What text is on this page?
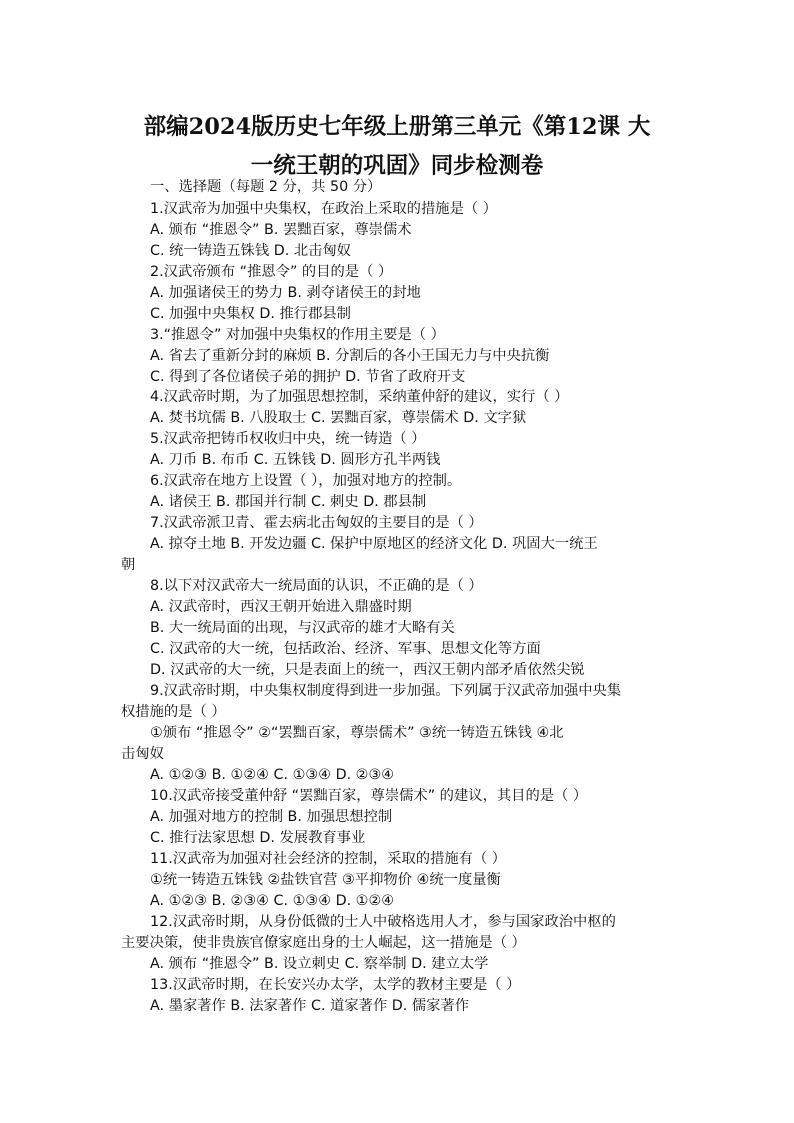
部编2024版历史七年级上册第三单元《第12课 大
一统王朝的巩固》同步检测卷
一、选择题（每题 2 分，共 50 分）
1.汉武帝为加强中央集权，在政治上采取的措施是（ ）
A. 颁布 “推恩令” B. 罢黜百家，尊崇儒术
C. 统一铸造五铢钱 D. 北击匈奴
2.汉武帝颁布 “推恩令” 的目的是（ ）
A. 加强诸侯王的势力 B. 剥夺诸侯王的封地
C. 加强中央集权 D. 推行郡县制
3.“推恩令” 对加强中央集权的作用主要是（ ）
A. 省去了重新分封的麻烦 B. 分割后的各小王国无力与中央抗衡
C. 得到了各位诸侯子弟的拥护 D. 节省了政府开支
4.汉武帝时期，为了加强思想控制，采纳董仲舒的建议，实行（ ）
A. 焚书坑儒 B. 八股取士 C. 罢黜百家，尊崇儒术 D. 文字狱
5.汉武帝把铸币权收归中央，统一铸造（ ）
A. 刀币 B. 布币 C. 五铢钱 D. 圆形方孔半两钱
6.汉武帝在地方上设置（ ），加强对地方的控制。
A. 诸侯王 B. 郡国并行制 C. 刺史 D. 郡县制
7.汉武帝派卫青、霍去病北击匈奴的主要目的是（ ）
A. 掠夺土地 B. 开发边疆 C. 保护中原地区的经济文化 D. 巩固大一统王
朝
8.以下对汉武帝大一统局面的认识，不正确的是（ ）
A. 汉武帝时，西汉王朝开始进入鼎盛时期
B. 大一统局面的出现，与汉武帝的雄才大略有关
C. 汉武帝的大一统，包括政治、经济、军事、思想文化等方面
D. 汉武帝的大一统，只是表面上的统一，西汉王朝内部矛盾依然尖锐
9.汉武帝时期，中央集权制度得到进一步加强。下列属于汉武帝加强中央集
权措施的是（ ）
①颁布 “推恩令” ②“罢黜百家，尊崇儒术” ③统一铸造五铢钱 ④北
击匈奴
A. ①②③ B. ①②④ C. ①③④ D. ②③④
10.汉武帝接受董仲舒 “罢黜百家，尊崇儒术” 的建议，其目的是（ ）
A. 加强对地方的控制 B. 加强思想控制
C. 推行法家思想 D. 发展教育事业
11.汉武帝为加强对社会经济的控制，采取的措施有（ ）
①统一铸造五铢钱 ②盐铁官营 ③平抑物价 ④统一度量衡
A. ①②③ B. ②③④ C. ①③④ D. ①②④
12.汉武帝时期，从身份低微的士人中破格选用人才，参与国家政治中枢的
主要决策，使非贵族官僚家庭出身的士人崛起，这一措施是（ ）
A. 颁布 “推恩令” B. 设立刺史 C. 察举制 D. 建立太学
13.汉武帝时期，在长安兴办太学，太学的教材主要是（ ）
A. 墨家著作 B. 法家著作 C. 道家著作 D. 儒家著作
